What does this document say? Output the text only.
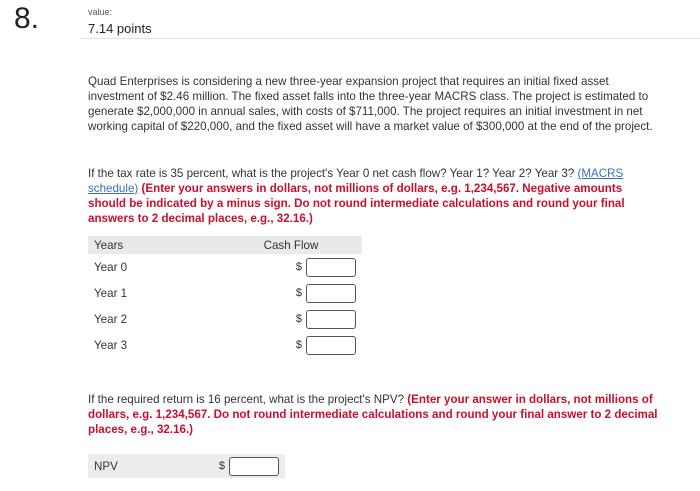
8.	value:
7.14 points

Quad Enterprises is considering a new three-year expansion project that requires an initial fixed asset investment of $2.46 million. The fixed asset falls into the three-year MACRS class. The project is estimated to generate $2,000,000 in annual sales, with costs of $711,000. The project requires an initial investment in net working capital of $220,000, and the fixed asset will have a market value of $300,000 at the end of the project.

If the tax rate is 35 percent, what is the project's Year 0 net cash flow? Year 1? Year 2? Year 3? (MACRS schedule) (Enter your answers in dollars, not millions of dollars, e.g. 1,234,567. Negative amounts should be indicated by a minus sign. Do not round intermediate calculations and round your final answers to 2 decimal places, e.g., 32.16.)

Years	Cash Flow
Year 0	$
Year 1	$
Year 2	$
Year 3	$

If the required return is 16 percent, what is the project's NPV? (Enter your answer in dollars, not millions of dollars, e.g. 1,234,567. Do not round intermediate calculations and round your final answer to 2 decimal places, e.g., 32.16.)

NPV	$
